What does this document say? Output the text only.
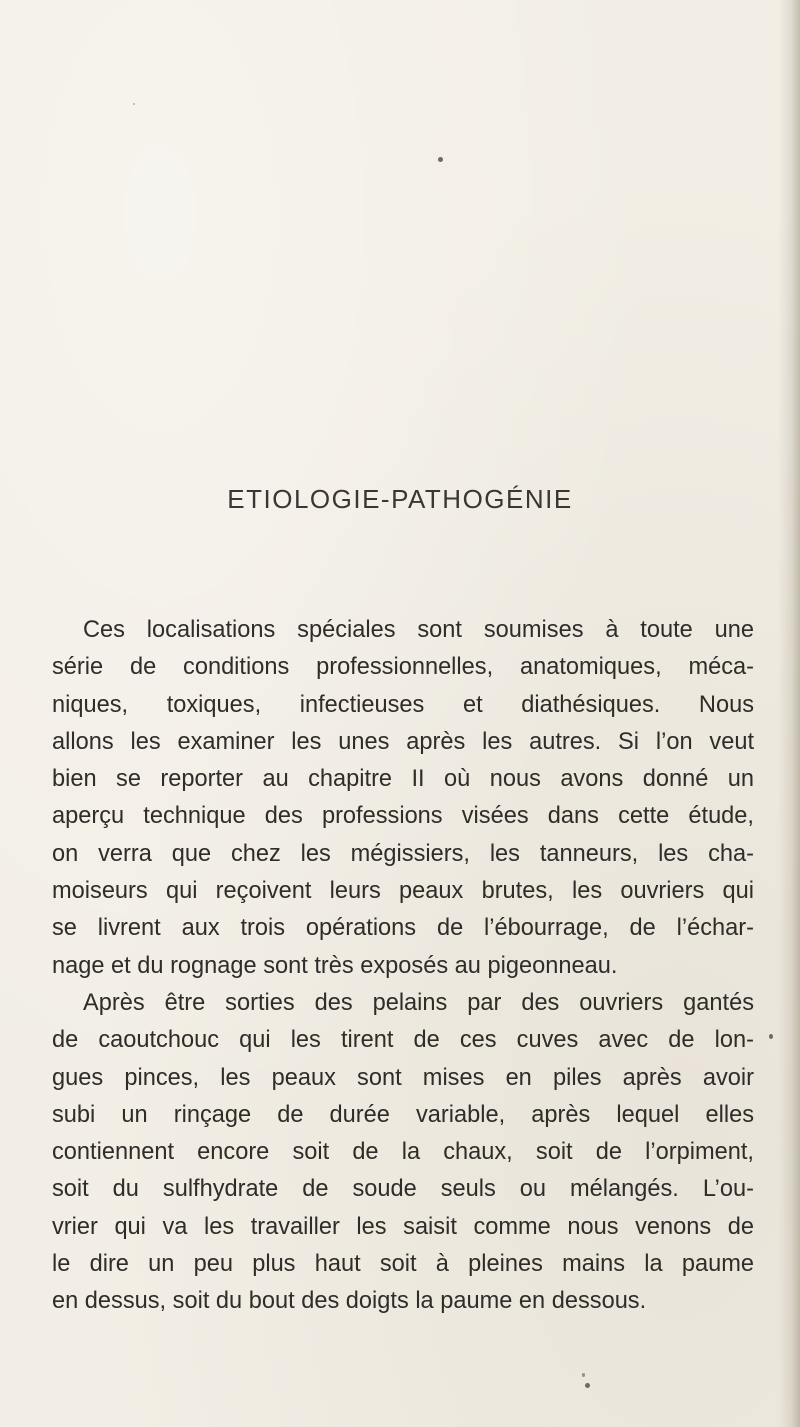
ETIOLOGIE-PATHOGÉNIE
Ces localisations spéciales sont soumises à toute une
série de conditions professionnelles, anatomiques, méca-
niques, toxiques, infectieuses et diathésiques. Nous
allons les examiner les unes après les autres. Si l’on veut
bien se reporter au chapitre II où nous avons donné un
aperçu technique des professions visées dans cette étude,
on verra que chez les mégissiers, les tanneurs, les cha-
moiseurs qui reçoivent leurs peaux brutes, les ouvriers qui
se livrent aux trois opérations de l’ébourrage, de l’échar-
nage et du rognage sont très exposés au pigeonneau.
Après être sorties des pelains par des ouvriers gantés
de caoutchouc qui les tirent de ces cuves avec de lon-
gues pinces, les peaux sont mises en piles après avoir
subi un rinçage de durée variable, après lequel elles
contiennent encore soit de la chaux, soit de l’orpiment,
soit du sulfhydrate de soude seuls ou mélangés. L’ou-
vrier qui va les travailler les saisit comme nous venons de
le dire un peu plus haut soit à pleines mains la paume
en dessus, soit du bout des doigts la paume en dessous.
